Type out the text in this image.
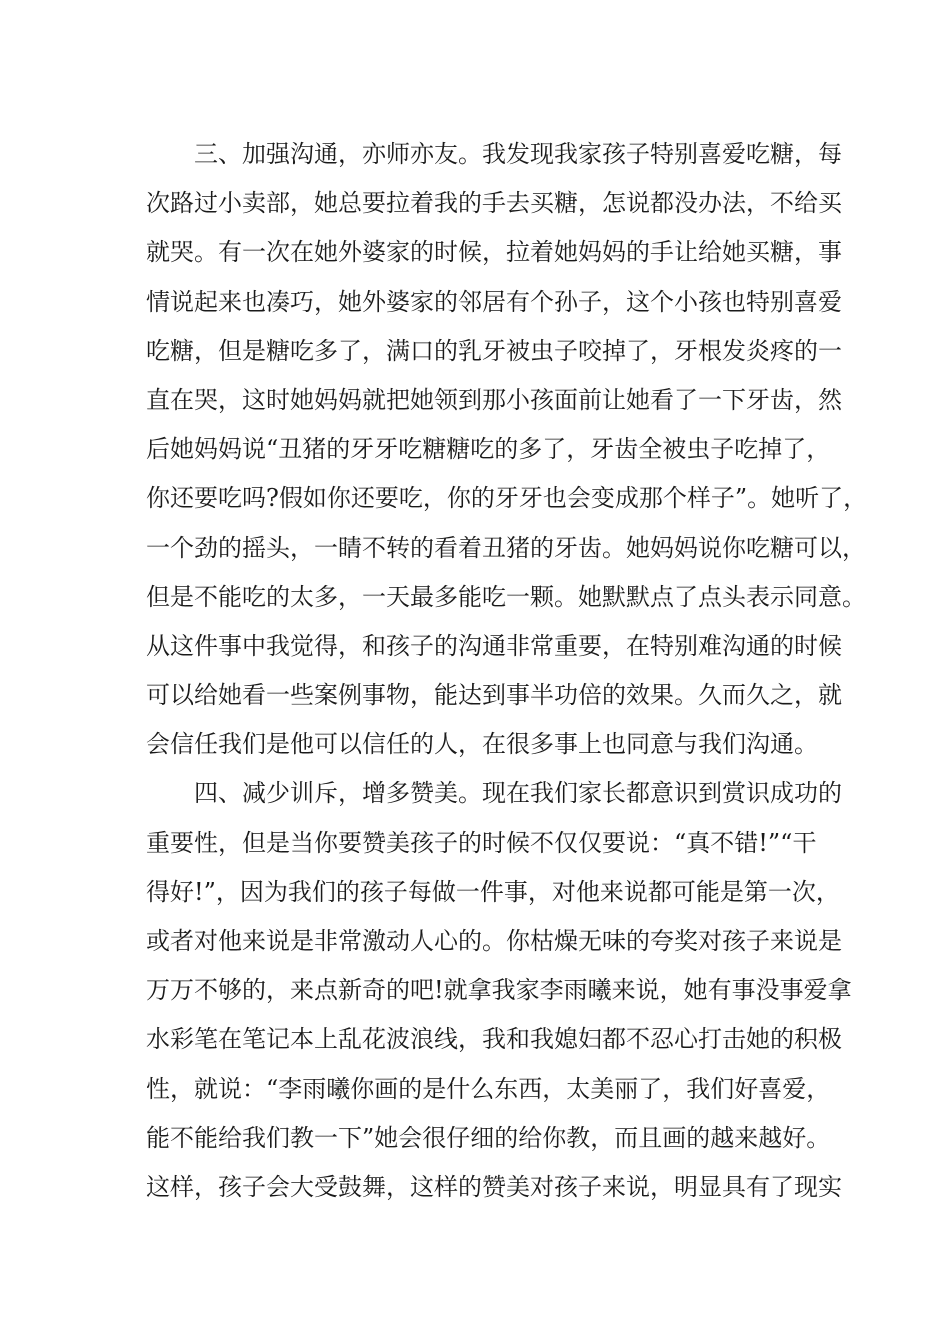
三、加强沟通，亦师亦友。我发现我家孩子特别喜爱吃糖，每
次路过小卖部，她总要拉着我的手去买糖，怎说都没办法，不给买
就哭。有一次在她外婆家的时候，拉着她妈妈的手让给她买糖，事
情说起来也凑巧，她外婆家的邻居有个孙子，这个小孩也特别喜爱
吃糖，但是糖吃多了，满口的乳牙被虫子咬掉了，牙根发炎疼的一
直在哭，这时她妈妈就把她领到那小孩面前让她看了一下牙齿，然
后她妈妈说“丑猪的牙牙吃糖糖吃的多了，牙齿全被虫子吃掉了，
你还要吃吗?假如你还要吃，你的牙牙也会变成那个样子”。她听了，
一个劲的摇头，一睛不转的看着丑猪的牙齿。她妈妈说你吃糖可以，
但是不能吃的太多，一天最多能吃一颗。她默默点了点头表示同意。
从这件事中我觉得，和孩子的沟通非常重要，在特别难沟通的时候
可以给她看一些案例事物，能达到事半功倍的效果。久而久之，就
会信任我们是他可以信任的人，在很多事上也同意与我们沟通。
四、减少训斥，增多赞美。现在我们家长都意识到赏识成功的
重要性，但是当你要赞美孩子的时候不仅仅要说：“真不错!”“干
得好!”，因为我们的孩子每做一件事，对他来说都可能是第一次，
或者对他来说是非常激动人心的。你枯燥无味的夸奖对孩子来说是
万万不够的，来点新奇的吧!就拿我家李雨曦来说，她有事没事爱拿
水彩笔在笔记本上乱花波浪线，我和我媳妇都不忍心打击她的积极
性，就说：“李雨曦你画的是什么东西，太美丽了，我们好喜爱，
能不能给我们教一下”她会很仔细的给你教，而且画的越来越好。
这样，孩子会大受鼓舞，这样的赞美对孩子来说，明显具有了现实
